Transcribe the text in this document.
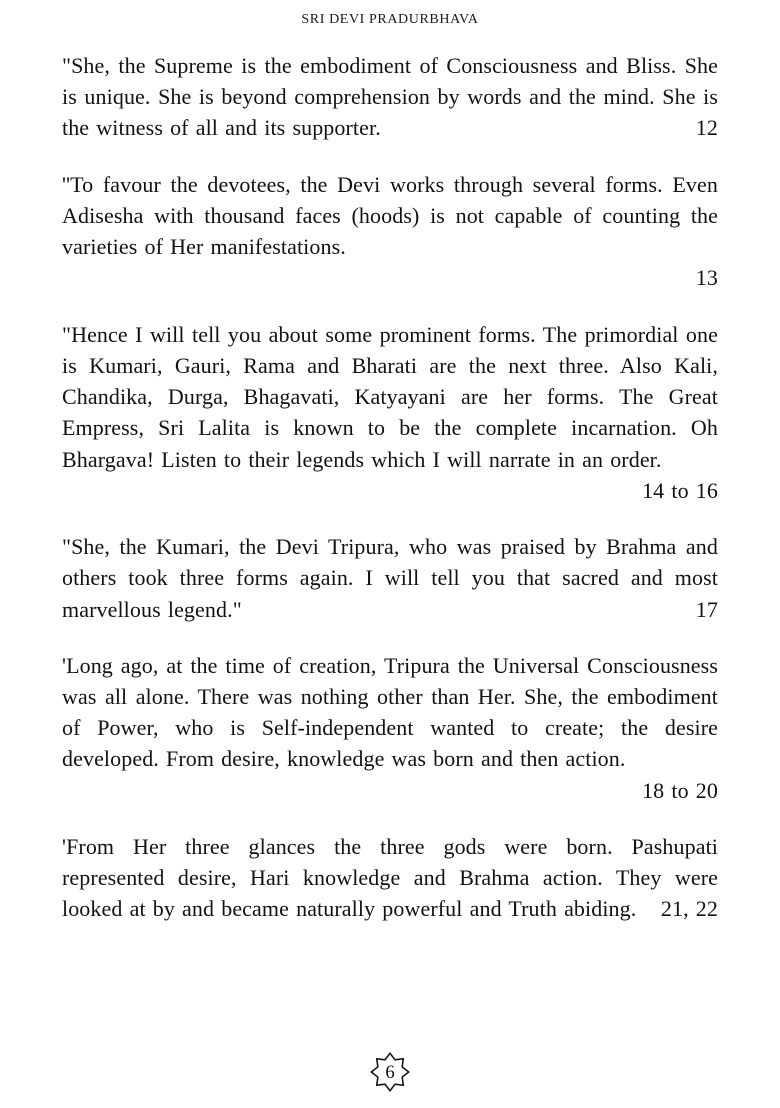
SRI DEVI PRADURBHAVA

"She, the Supreme is the embodiment of Consciousness and Bliss. She is unique. She is beyond comprehension by words and the mind. She is the witness of all and its supporter.	12

''To favour the devotees, the Devi works through several forms. Even Adisesha with thousand faces (hoods) is not capable of counting the varieties of Her manifestations.
13

"Hence I will tell you about some prominent forms. The primordial one is Kumari, Gauri, Rama and Bharati are the next three. Also Kali, Chandika, Durga, Bhagavati, Katyayani are her forms. The Great Empress, Sri Lalita is known to be the complete incarnation. Oh Bhargava! Listen to their legends which I will narrate in an order.
14 to 16

"She, the Kumari, the Devi Tripura, who was praised by Brahma and others took three forms again. I will tell you that sacred and most marvellous legend."	17

'Long ago, at the time of creation, Tripura the Universal Consciousness was all alone. There was nothing other than Her. She, the embodiment of Power, who is Self-independent wanted to create; the desire developed. From desire, knowledge was born and then action.
18 to 20

'From Her three glances the three gods were born. Pashupati represented desire, Hari knowledge and Brahma action. They were looked at by and became naturally powerful and Truth abiding.	21, 22

6
